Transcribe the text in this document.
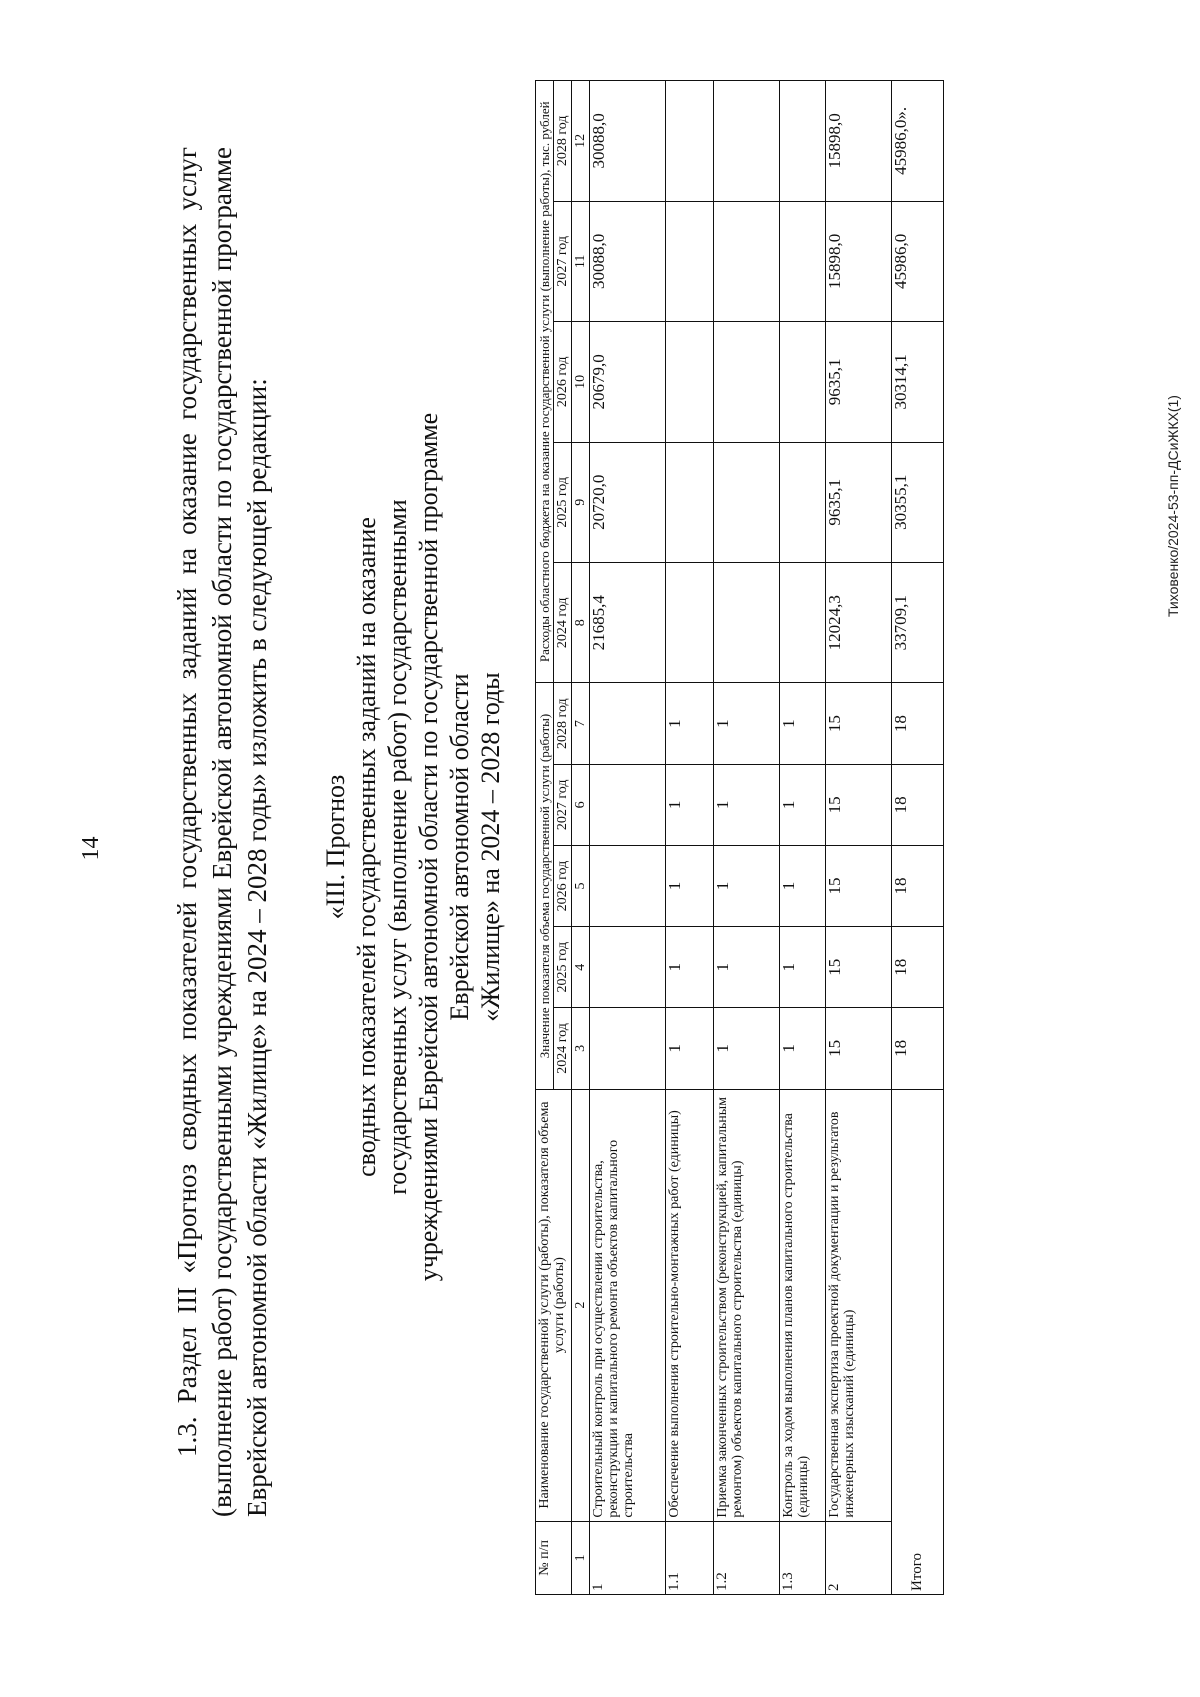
14	1.3. Раздел III «Прогноз сводных показателей государственных заданий на оказание государственных услуг (выполнение работ) государственными учреждениями Еврейской автономной области по государственной программе Еврейской автономной области «Жилище» на 2024 – 2028 годы» изложить в следующей редакции: «III. Прогноз сводных показателей государственных заданий на оказание государственных услуг (выполнение работ) государственными учреждениями Еврейской автономной области по государственной программе Еврейской автономной области «Жилище» на 2024 – 2028 годы
№ п/п	Наименование государственной услуги (работы), показателя объема услуги (работы)	Значение показателя объема государственной услуги (работы)					Расходы областного бюджета на оказание государственной услуги (выполнение работы), тыс. рублей				
		2024 год	2025 год	2026 год	2027 год	2028 год	2024 год	2025 год	2026 год	2027 год	2028 год
1	2	3	4	5	6	7	8	9	10	11	12
1	Строительный контроль при осуществлении строительства, реконструкции и капитального ремонта объектов капитального строительства						21685,4	20720,0	20679,0	30088,0	30088,0
1.1	Обеспечение выполнения строительно-монтажных работ (единицы)	1	1	1	1	1					
1.2	Приемка законченных строительством (реконструкцией, капитальным ремонтом) объектов капитального строительства (единицы)	1	1	1	1	1					
1.3	Контроль за ходом выполнения планов капитального строительства (единицы)	1	1	1	1	1					
2	Государственная экспертиза проектной документации и результатов инженерных изысканий (единицы)	15	15	15	15	15	12024,3	9635,1	9635,1	15898,0	15898,0
Итого		18	18	18	18	18	33709,1	30355,1	30314,1	45986,0	45986,0».
Тиховенко/2024-53-пп-ДСиЖКХ(1)
